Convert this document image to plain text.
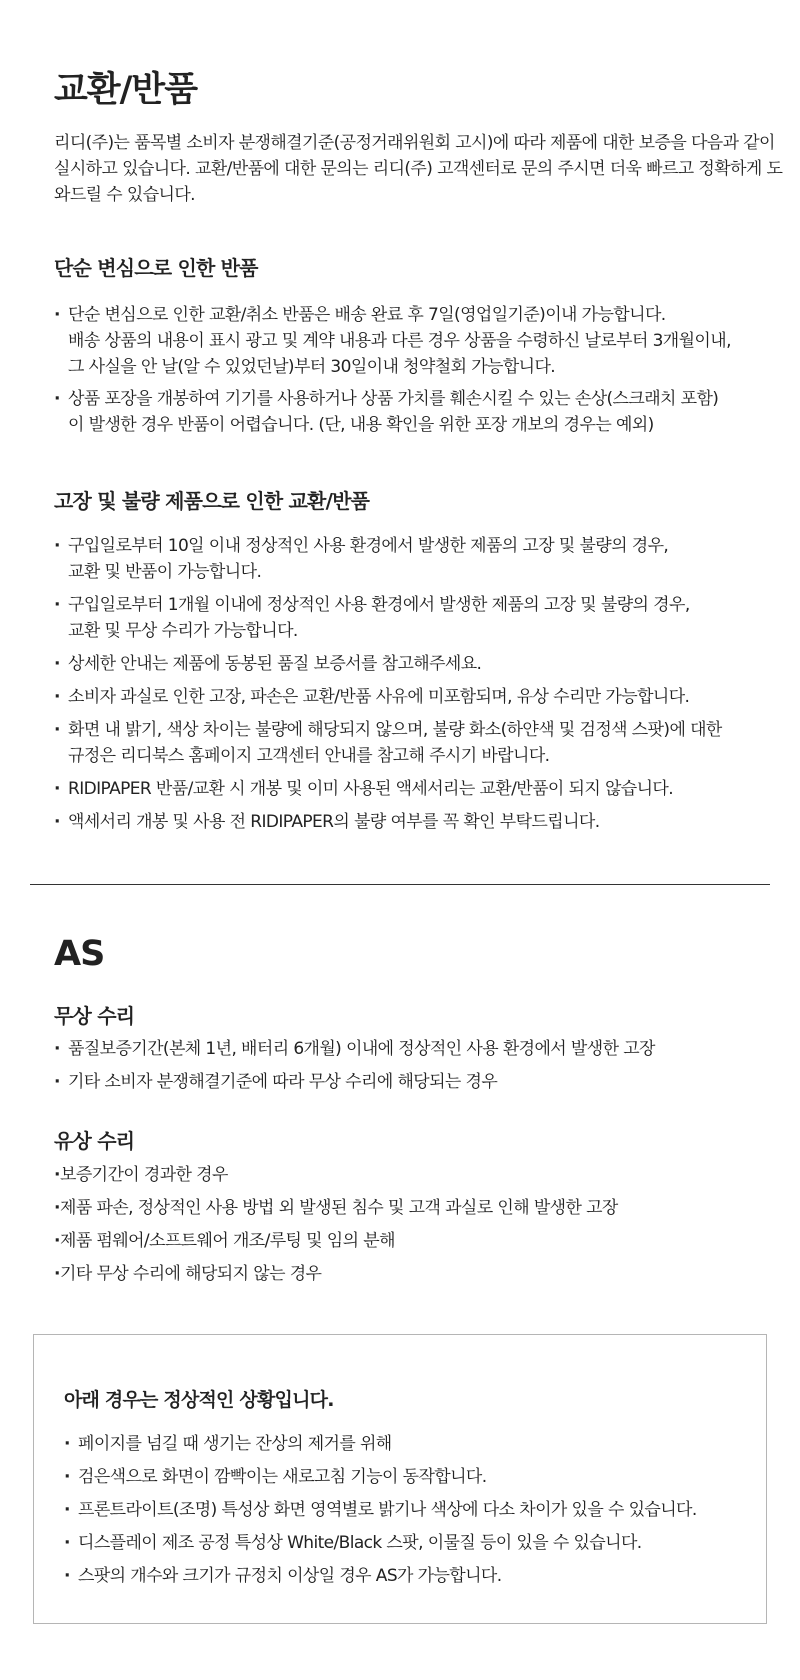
교환/반품

리디(주)는 품목별 소비자 분쟁해결기준(공정거래위원회 고시)에 따라 제품에 대한 보증을 다음과 같이 실시하고 있습니다. 교환/반품에 대한 문의는 리디(주) 고객센터로 문의 주시면 더욱 빠르고 정확하게 도와드릴 수 있습니다.

단순 변심으로 인한 반품
· 단순 변심으로 인한 교환/취소 반품은 배송 완료 후 7일(영업일기준)이내 가능합니다.
배송 상품의 내용이 표시 광고 및 계약 내용과 다른 경우 상품을 수령하신 날로부터 3개월이내,
그 사실을 안 날(알 수 있었던날)부터 30일이내 청약철회 가능합니다.
· 상품 포장을 개봉하여 기기를 사용하거나 상품 가치를 훼손시킬 수 있는 손상(스크래치 포함)
이 발생한 경우 반품이 어렵습니다. (단, 내용 확인을 위한 포장 개보의 경우는 예외)
고장 및 불량 제품으로 인한 교환/반품
· 구입일로부터 10일 이내 정상적인 사용 환경에서 발생한 제품의 고장 및 불량의 경우,
교환 및 반품이 가능합니다.
· 구입일로부터 1개월 이내에 정상적인 사용 환경에서 발생한 제품의 고장 및 불량의 경우,
교환 및 무상 수리가 가능합니다.
· 상세한 안내는 제품에 동봉된 품질 보증서를 참고해주세요.
· 소비자 과실로 인한 고장, 파손은 교환/반품 사유에 미포함되며, 유상 수리만 가능합니다.
· 화면 내 밝기, 색상 차이는 불량에 해당되지 않으며, 불량 화소(하얀색 및 검정색 스팟)에 대한
규정은 리디북스 홈페이지 고객센터 안내를 참고해 주시기 바랍니다.
· RIDIPAPER 반품/교환 시 개봉 및 이미 사용된 액세서리는 교환/반품이 되지 않습니다.
· 액세서리 개봉 및 사용 전 RIDIPAPER의 불량 여부를 꼭 확인 부탁드립니다.
AS
무상 수리
· 품질보증기간(본체 1년, 배터리 6개월) 이내에 정상적인 사용 환경에서 발생한 고장
· 기타 소비자 분쟁해결기준에 따라 무상 수리에 해당되는 경우
유상 수리
· 보증기간이 경과한 경우
· 제품 파손, 정상적인 사용 방법 외 발생된 침수 및 고객 과실로 인해 발생한 고장
· 제품 펌웨어/소프트웨어 개조/루팅 및 임의 분해
· 기타 무상 수리에 해당되지 않는 경우
아래 경우는 정상적인 상황입니다.
· 페이지를 넘길 때 생기는 잔상의 제거를 위해
· 검은색으로 화면이 깜빡이는 새로고침 기능이 동작합니다.
· 프론트라이트(조명) 특성상 화면 영역별로 밝기나 색상에 다소 차이가 있을 수 있습니다.
· 디스플레이 제조 공정 특성상 White/Black 스팟, 이물질 등이 있을 수 있습니다.
· 스팟의 개수와 크기가 규정치 이상일 경우 AS가 가능합니다.
